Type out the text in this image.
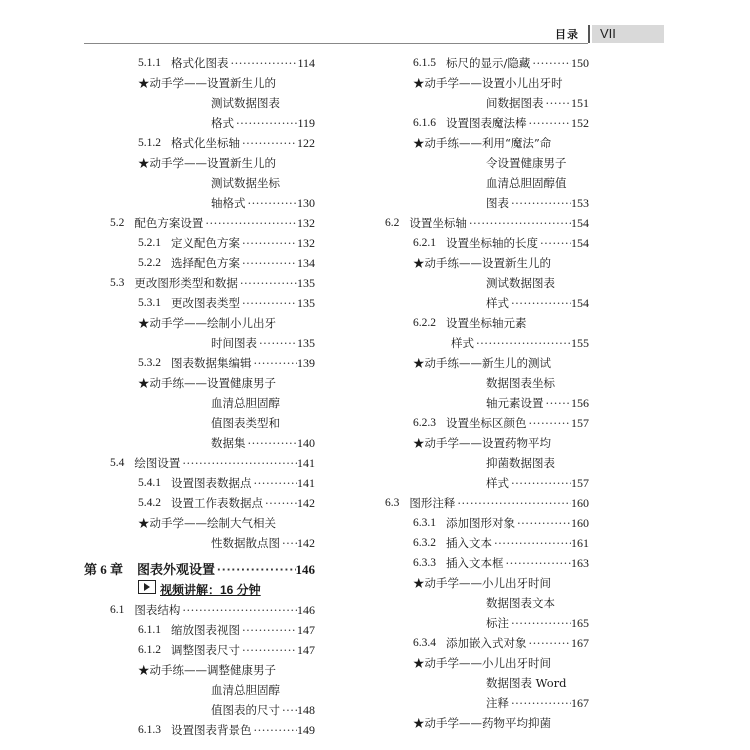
目录	VII
5.1.1 格式化图表 ·····	114
★动手学——设置新生儿的
测试数据图表
格式 ·····	119
5.1.2 格式化坐标轴 ·····	122
★动手学——设置新生儿的
测试数据坐标
轴格式 ·····	130
5.2 配色方案设置 ·····	132
5.2.1 定义配色方案 ·····	132
5.2.2 选择配色方案 ·····	134
5.3 更改图形类型和数据 ·····	135
5.3.1 更改图表类型 ·····	135
★动手学——绘制小儿出牙
时间图表 ·····	135
5.3.2 图表数据集编辑 ·····	139
★动手练——设置健康男子
血清总胆固醇
值图表类型和
数据集 ·····	140
5.4 绘图设置 ·····	141
5.4.1 设置图表数据点 ·····	141
5.4.2 设置工作表数据点 ·····	142
★动手学——绘制大气相关
性数据散点图 ····· 142
第 6 章 图表外观设置 ·····	146
视频讲解：16 分钟
6.1 图表结构 ·····	146
6.1.1 缩放图表视图 ·····	147
6.1.2 调整图表尺寸 ·····	147
★动手练——调整健康男子
血清总胆固醇
值图表的尺寸 ····· 148
6.1.3 设置图表背景色 ·····	149
6.1.5 标尺的显示/隐藏 ·····	150
★动手学——设置小儿出牙时
间数据图表 ····· 151
6.1.6 设置图表魔法棒 ·····	152
★动手练——利用“魔法”命
令设置健康男子
血清总胆固醇值
图表 ·····	153
6.2 设置坐标轴 ·····	154
6.2.1 设置坐标轴的长度 ·····	154
★动手练——设置新生儿的
测试数据图表
样式 ·····	154
6.2.2 设置坐标轴元素
样式 ·····	155
★动手练——新生儿的测试
数据图表坐标
轴元素设置 ····· 156
6.2.3 设置坐标区颜色 ·····	157
★动手学——设置药物平均
抑菌数据图表
样式 ·····	157
6.3 图形注释 ·····	160
6.3.1 添加图形对象 ·····	160
6.3.2 插入文本 ·····	161
6.3.3 插入文本框 ·····	163
★动手学——小儿出牙时间
数据图表文本
标注 ·····	165
6.3.4 添加嵌入式对象 ·····	167
★动手学——小儿出牙时间
数据图表 Word
注释 ·····	167
★动手学——药物平均抑菌
